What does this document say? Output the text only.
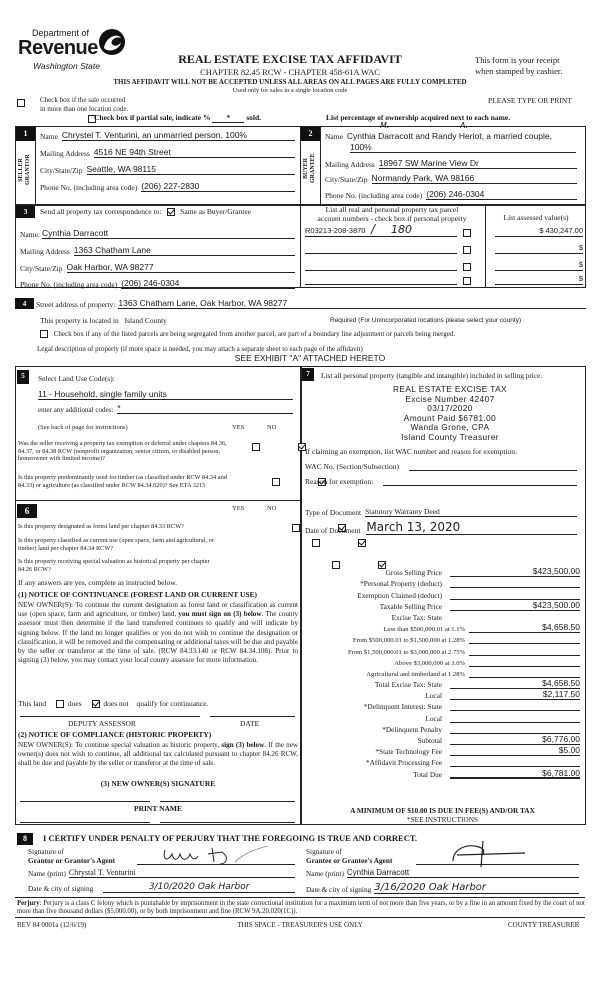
Department of
Revenue
Washington State	REAL ESTATE EXCISE TAX AFFIDAVIT
CHAPTER 82.45 RCW - CHAPTER 458-61A WAC
This form is your receipt
when stamped by cashier.
THIS AFFIDAVIT WILL NOT BE ACCEPTED UNLESS ALL AREAS ON ALL PAGES ARE FULLY COMPLETED
Used only for sales in a single location code

Check box if the sale occurred
in more than one location code.
PLEASE TYPE OR PRINT

Check box if partial sale, indicate % * sold.	List percentage of ownership acquired next to each name.
1
SELLER GRANTOR
Name Chrystel T. Venturini, an unmarried person, 100%
Mailing Address 4516 NE 94th Street
City/State/Zip Seattle, WA 98115
Phone No. (including area code) (206) 227-2830
2
BUYER GRANTEE
M.	A.
Name Cynthia Darracott and Randy Heriot, a married couple,
100%
Mailing Address 18967 SW Marine View Dr
City/State/Zip Normandy Park, WA 98166
Phone No. (including area code) (206) 246-0304
3	Send all property tax correspondence to:	Same as Buyer/Grantee
Name: Cynthia Darracott
Mailing Address 1363 Chatham Lane
City/State/Zip Oak Harbor, WA 98277
Phone No. (including area code) (206) 246-0304
List all real and personal property tax parcel
account numbers - check box if personal property	List assessed value(s)
R03213-208-3870 / 180	$ 430,247.00
$
$
$
4	Street address of property: 1363 Chatham Lane, Oak Harbor, WA 98277
This property is located in Island County	Required (For Unincorporated locations please select your county)
Check box if any of the listed parcels are being segregated from another parcel, are part of a boundary line adjustment or parcels being merged.
Legal description of property (if more space is needed, you may attach a separate sheet to each page of the affidavit)
SEE EXHIBIT "A" ATTACHED HERETO
5	Select Land Use Code(s):
11 - Household, single family units
enter any additional codes: *
(See back of page for instructions)	YES	NO
Was the seller receiving a property tax exemption or deferral under chapters 84.36, 84.37, or 84.38 RCW (nonprofit organization, senior citizen, or disabled person, homeowner with limited income)?

Is this property predominantly used for timber (as classified under RCW 84.34 and 84.33) or agriculture (as classified under RCW 84.34.020)? See ETA 3215

6	YES	NO
Is this property designated as forest land per chapter 84.33 RCW?

Is this property classified as current use (open space, farm and agricultural, or timber) land per chapter 84.34 RCW?

Is this property receiving special valuation as historical property per chapter 84.26 RCW?

If any answers are yes, complete as instructed below.
(1) NOTICE OF CONTINUANCE (FOREST LAND OR CURRENT USE)
NEW OWNER(S): To continue the current designation as forest land or classification as current use (open space, farm and agriculture, or timber) land, you must sign on (3) below. The county assessor must then determine if the land transferred continues to qualify and will indicate by signing below. If the land no longer qualifies or you do not wish to continue the designation or classification, it will be removed and the compensating or additional taxes will be due and payable by the seller or transferor at the time of sale. (RCW 84.33.140 or RCW 84.34.108). Prior to signing (3) below, you may contact your local county assessor for more information.
This land	does	does not qualify for continuance.
DEPUTY ASSESSOR	DATE
(2) NOTICE OF COMPLIANCE (HISTORIC PROPERTY)
NEW OWNER(S): To continue special valuation as historic property, sign (3) below. If the new owner(s) does not wish to continue, all additional tax calculated pursuant to chapter 84.26 RCW, shall be due and payable by the seller or transferor at the time of sale.
(3) NEW OWNER(S) SIGNATURE
PRINT NAME
7	List all personal property (tangible and intangible) included in selling price.
REAL ESTATE EXCISE TAX
Excise Number 42407
03/17/2020
Amount Paid $6781.00
Wanda Grone, CPA
Island County Treasurer
If claiming an exemption, list WAC number and reason for exemption:
WAC No. (Section/Subsection)
Reason for exemption:
Type of Document Statutory Warranty Deed
Date of Document March 13, 2020
Gross Selling Price	$423,500.00
*Personal Property (deduct)
Exemption Claimed (deduct)
Taxable Selling Price	$423,500.00
Excise Tax: State
Less than $500,000.01 at 1.1%	$4,658.50
From $500,000.01 to $1,500,000 at 1.28%
From $1,500,000.01 to $3,000,000 at 2.75%
Above $3,000,000 at 3.0%
Agricultural and timberland at 1.28%
Total Excise Tax: State	$4,658.50
Local	$2,117.50
*Delinquent Interest: State
Local
*Delinquent Penalty
Subtotal	$6,776.00
*State Technology Fee	$5.00
*Affidavit Processing Fee
Total Due	$6,781.00
A MINIMUM OF $10.00 IS DUE IN FEE(S) AND/OR TAX
*SEE INSTRUCTIONS
8	I CERTIFY UNDER PENALTY OF PERJURY THAT THE FOREGOING IS TRUE AND CORRECT.
Signature of
Grantor or Grantor's Agent
Name (print) Chrystal T. Venturini
Date & city of signing	3/10/2020 Oak Harbor
Signature of
Grantee or Grantee's Agent
Name (print) Cynthia Darracott
Date & city of signing 3/16/2020 Oak Harbor
Perjury: Perjury is a class C felony which is punishable by imprisonment in the state correctional institution for a maximum term of not more than five years, or by a fine in an amount fixed by the court of not more than five thousand dollars ($5,000.00), or by both imprisonment and fine (RCW 9A.20.020(1C)).
REV 84 0001a (12/6/19)	THIS SPACE - TREASURER'S USE ONLY	COUNTY TREASURER
